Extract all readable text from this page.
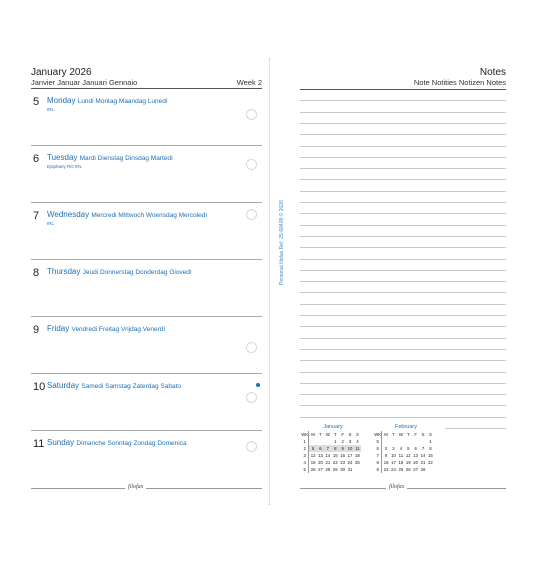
January 2026
Janvier Januar Januari Gennaio	Week 2
5 Monday Lundi Montag Maandag Lunedì
IRL
6 Tuesday Mardi Dienstag Dinsdag Martedì
Epiphany RO IRL
7 Wednesday Mercredi Mittwoch Woensdag Mercoledì
IRL
8 Thursday Jeudi Donnerstag Donderdag Giovedì
9 Friday Vendredi Freitag Vrijdag Venerdì
10 Saturday Samedi Samstag Zaterdag Sabato
11 Sunday Dimanche Sonntag Zondag Domenica
filofax
Notes
Note Notities Notizen Notes
January
WK	M	T	W	T	F	S	S
1				1	2	3	4
2	5	6	7	8	9	10	11
3	12	13	14	15	16	17	18
4	19	20	21	22	23	24	25
5	26	27	28	29	30	31	
February
WK	M	T	W	T	F	S	S
5							1
6	2	3	4	5	6	7	8
7	9	10	11	12	13	14	15
8	16	17	18	19	20	21	22
9	23	24	25	26	27	28	
filofax
Personal filofax Ref: 25-68409 © 2026
